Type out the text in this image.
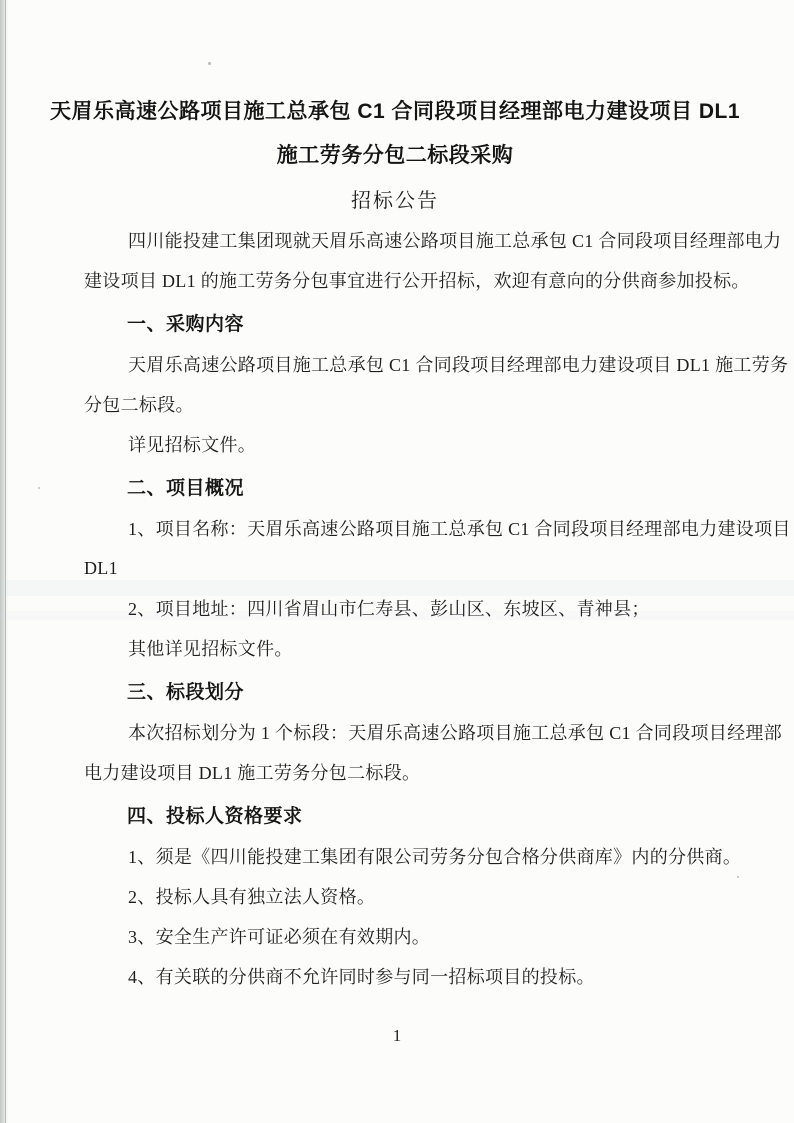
天眉乐高速公路项目施工总承包 C1 合同段项目经理部电力建设项目 DL1
施工劳务分包二标段采购
招标公告
四川能投建工集团现就天眉乐高速公路项目施工总承包 C1 合同段项目经理部电力
建设项目 DL1 的施工劳务分包事宜进行公开招标，欢迎有意向的分供商参加投标。
一、采购内容
天眉乐高速公路项目施工总承包 C1 合同段项目经理部电力建设项目 DL1 施工劳务
分包二标段。
详见招标文件。
二、项目概况
1、项目名称：天眉乐高速公路项目施工总承包 C1 合同段项目经理部电力建设项目
DL1
2、项目地址：四川省眉山市仁寿县、彭山区、东坡区、青神县；
其他详见招标文件。
三、标段划分
本次招标划分为 1 个标段：天眉乐高速公路项目施工总承包 C1 合同段项目经理部
电力建设项目 DL1 施工劳务分包二标段。
四、投标人资格要求
1、须是《四川能投建工集团有限公司劳务分包合格分供商库》内的分供商。
2、投标人具有独立法人资格。
3、安全生产许可证必须在有效期内。
4、有关联的分供商不允许同时参与同一招标项目的投标。
1
